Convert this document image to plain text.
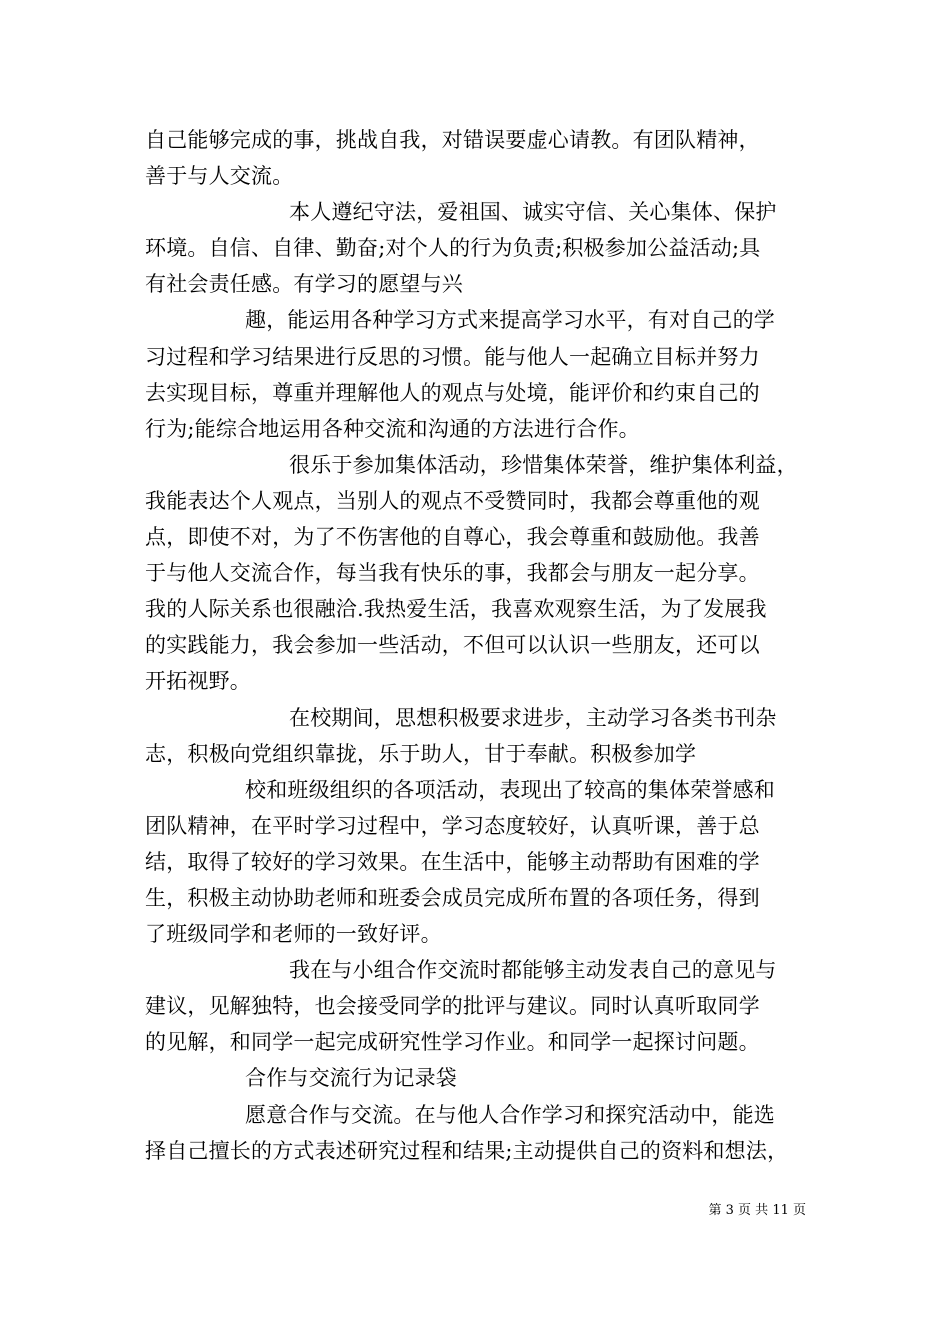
自己能够完成的事，挑战自我，对错误要虚心请教。有团队精神，
善于与人交流。
本人遵纪守法，爱祖国、诚实守信、关心集体、保护
环境。自信、自律、勤奋;对个人的行为负责;积极参加公益活动;具
有社会责任感。有学习的愿望与兴
趣，能运用各种学习方式来提高学习水平，有对自己的学
习过程和学习结果进行反思的习惯。能与他人一起确立目标并努力
去实现目标，尊重并理解他人的观点与处境，能评价和约束自己的
行为;能综合地运用各种交流和沟通的方法进行合作。
很乐于参加集体活动，珍惜集体荣誉，维护集体利益，
我能表达个人观点，当别人的观点不受赞同时，我都会尊重他的观
点，即使不对，为了不伤害他的自尊心，我会尊重和鼓励他。我善
于与他人交流合作，每当我有快乐的事，我都会与朋友一起分享。
我的人际关系也很融洽.我热爱生活，我喜欢观察生活，为了发展我
的实践能力，我会参加一些活动，不但可以认识一些朋友，还可以
开拓视野。
在校期间，思想积极要求进步，主动学习各类书刊杂
志，积极向党组织靠拢，乐于助人，甘于奉献。积极参加学
校和班级组织的各项活动，表现出了较高的集体荣誉感和
团队精神，在平时学习过程中，学习态度较好，认真听课，善于总
结，取得了较好的学习效果。在生活中，能够主动帮助有困难的学
生，积极主动协助老师和班委会成员完成所布置的各项任务，得到
了班级同学和老师的一致好评。
我在与小组合作交流时都能够主动发表自己的意见与
建议，见解独特，也会接受同学的批评与建议。同时认真听取同学
的见解，和同学一起完成研究性学习作业。和同学一起探讨问题。
合作与交流行为记录袋
愿意合作与交流。在与他人合作学习和探究活动中，能选
择自己擅长的方式表述研究过程和结果;主动提供自己的资料和想法，
第 3 页 共 11 页
